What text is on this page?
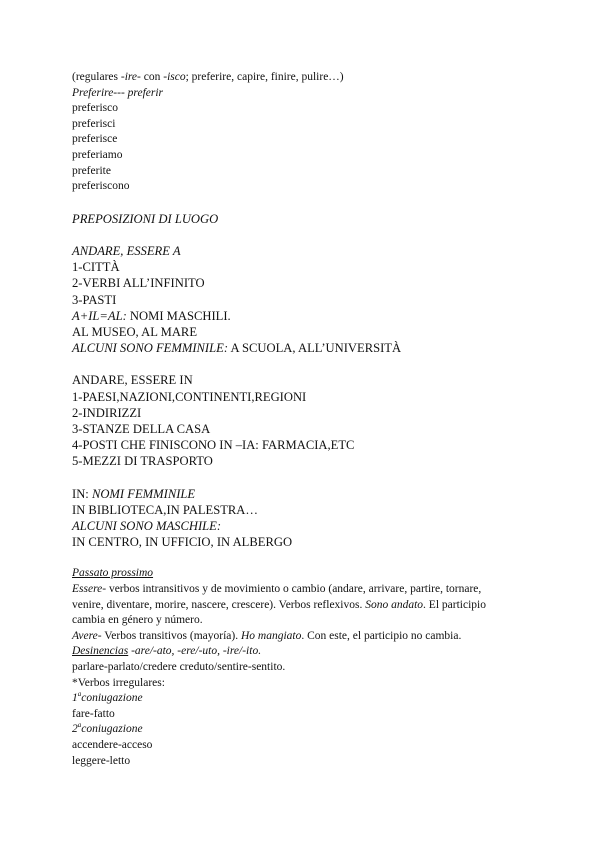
(regulares -ire- con -isco; preferire, capire, finire, pulire…)
Preferire--- preferir
preferisco
preferisci
preferisce
preferiamo
preferite
preferiscono
PREPOSIZIONI DI LUOGO
ANDARE, ESSERE A
1-CITTÀ
2-VERBI ALL’INFINITO
3-PASTI
A+IL=AL: NOMI MASCHILI.
AL MUSEO, AL MARE
ALCUNI SONO FEMMINILE: A SCUOLA, ALL’UNIVERSITÀ
ANDARE, ESSERE IN
1-PAESI,NAZIONI,CONTINENTI,REGIONI
2-INDIRIZZI
3-STANZE DELLA CASA
4-POSTI CHE FINISCONO IN –IA: FARMACIA,ETC
5-MEZZI DI TRASPORTO
IN: NOMI FEMMINILE
IN BIBLIOTECA,IN PALESTRA…
ALCUNI SONO MASCHILE:
IN CENTRO, IN UFFICIO, IN ALBERGO
Passato prossimo
Essere- verbos intransitivos y de movimiento o cambio (andare, arrivare, partire, tornare, venire, diventare, morire, nascere, crescere). Verbos reflexivos. Sono andato. El participio cambia en género y número.
Avere- Verbos transitivos (mayoría). Ho mangiato. Con este, el participio no cambia.
Desinencias -are/-ato, -ere/-uto, -ire/-ito.
parlare-parlato/credere creduto/sentire-sentito.
*Verbos irregulares:
1$^a$coniugazione
fare-fatto
2$^a$coniugazione
accendere-acceso
leggere-letto
